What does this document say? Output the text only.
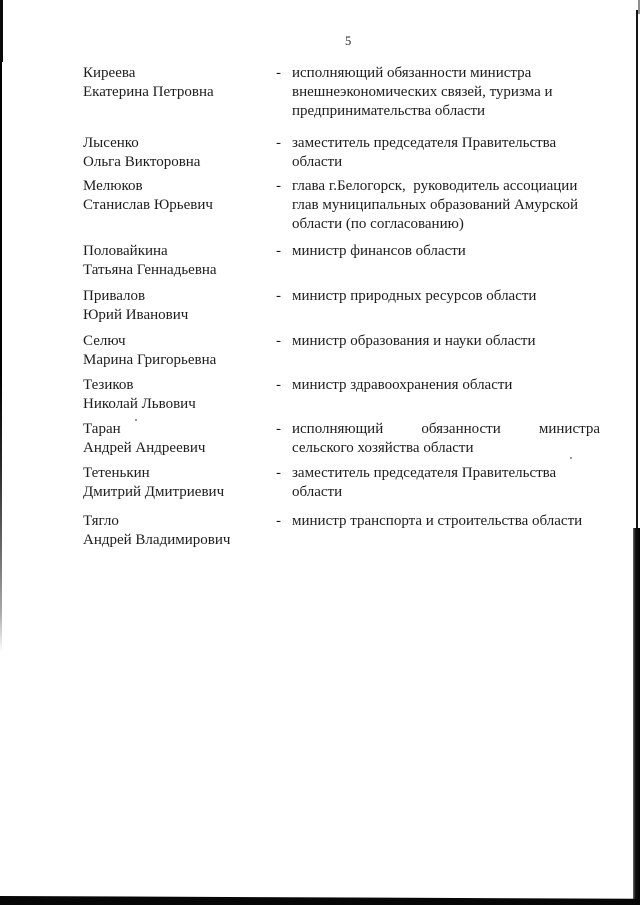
5
Киреева
Екатерина Петровна
- исполняющий обязанности министра
внешнеэкономических связей, туризма и
предпринимательства области
Лысенко
Ольга Викторовна
- заместитель председателя Правительства
области
Мелюков
Станислав Юрьевич
- глава г.Белогорск,  руководитель ассоциации
глав муниципальных образований Амурской
области (по согласованию)
Половайкина
Татьяна Геннадьевна
- министр финансов области
Привалов
Юрий Иванович
- министр природных ресурсов области
Селюч
Марина Григорьевна
- министр образования и науки области
Тезиков
Николай Львович
- министр здравоохранения области
Таран
Андрей Андреевич
- исполняющий обязанности министра
сельского хозяйства области
Тетенькин
Дмитрий Дмитриевич
- заместитель председателя Правительства
области
Тягло
Андрей Владимирович
- министр транспорта и строительства области
